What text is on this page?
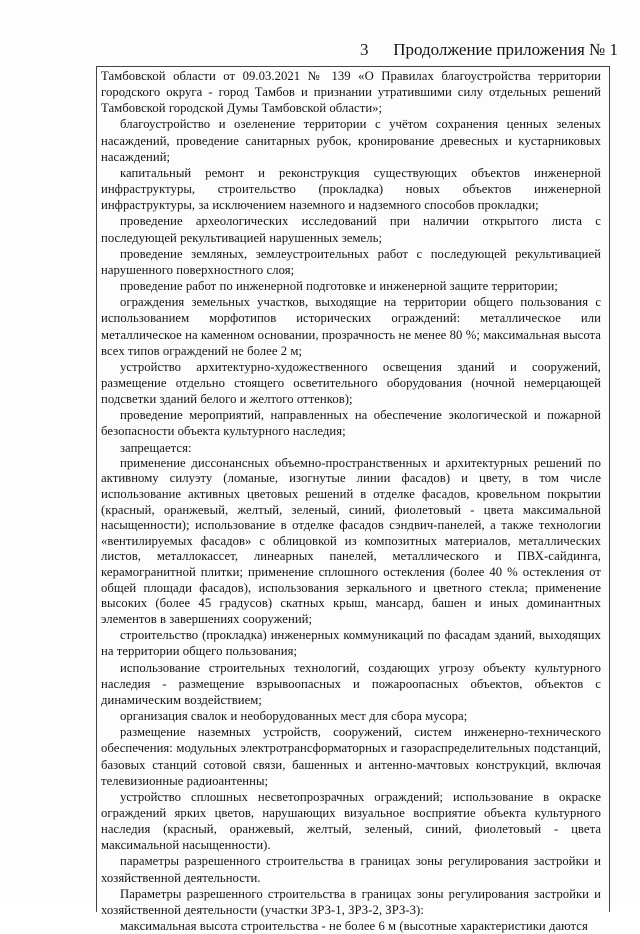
3 Продолжение приложения № 1

Тамбовской области от 09.03.2021 № 139 «О Правилах благоустройства территории городского округа - город Тамбов и признании утратившими силу отдельных решений Тамбовской городской Думы Тамбовской области»;

благоустройство и озеленение территории с учётом сохранения ценных зеленых насаждений, проведение санитарных рубок, кронирование древесных и кустарниковых насаждений;

капитальный ремонт и реконструкция существующих объектов инженерной инфраструктуры, строительство (прокладка) новых объектов инженерной инфраструктуры, за исключением наземного и надземного способов прокладки;

проведение археологических исследований при наличии открытого листа с последующей рекультивацией нарушенных земель;

проведение земляных, землеустроительных работ с последующей рекультивацией нарушенного поверхностного слоя;

проведение работ по инженерной подготовке и инженерной защите территории;

ограждения земельных участков, выходящие на территории общего пользования с использованием морфотипов исторических ограждений: металлическое или металлическое на каменном основании, прозрачность не менее 80 %; максимальная высота всех типов ограждений не более 2 м;

устройство архитектурно-художественного освещения зданий и сооружений, размещение отдельно стоящего осветительного оборудования (ночной немерцающей подсветки зданий белого и желтого оттенков);

проведение мероприятий, направленных на обеспечение экологической и пожарной безопасности объекта культурного наследия;

запрещается:

применение диссонансных объемно-пространственных и архитектурных решений по активному силуэту (ломаные, изогнутые линии фасадов) и цвету, в том числе использование активных цветовых решений в отделке фасадов, кровельном покрытии (красный, оранжевый, желтый, зеленый, синий, фиолетовый - цвета максимальной насыщенности); использование в отделке фасадов сэндвич-панелей, а также технологии «вентилируемых фасадов» с облицовкой из композитных материалов, металлических листов, металлокассет, линеарных панелей, металлического и ПВХ-сайдинга, керамогранитной плитки; применение сплошного остекления (более 40 % остекления от общей площади фасадов), использования зеркального и цветного стекла; применение высоких (более 45 градусов) скатных крыш, мансард, башен и иных доминантных элементов в завершениях сооружений;

строительство (прокладка) инженерных коммуникаций по фасадам зданий, выходящих на территории общего пользования;

использование строительных технологий, создающих угрозу объекту культурного наследия - размещение взрывоопасных и пожароопасных объектов, объектов с динамическим воздействием;

организация свалок и необорудованных мест для сбора мусора;

размещение наземных устройств, сооружений, систем инженерно-технического обеспечения: модульных электротрансформаторных и газораспределительных подстанций, базовых станций сотовой связи, башенных и антенно-мачтовых конструкций, включая телевизионные радиоантенны;

устройство сплошных несветопрозрачных ограждений; использование в окраске ограждений ярких цветов, нарушающих визуальное восприятие объекта культурного наследия (красный, оранжевый, желтый, зеленый, синий, фиолетовый - цвета максимальной насыщенности).

параметры разрешенного строительства в границах зоны регулирования застройки и хозяйственной деятельности.

Параметры разрешенного строительства в границах зоны регулирования застройки и хозяйственной деятельности (участки ЗРЗ-1, ЗРЗ-2, ЗРЗ-3):

максимальная высота строительства - не более 6 м (высотные характеристики даются
